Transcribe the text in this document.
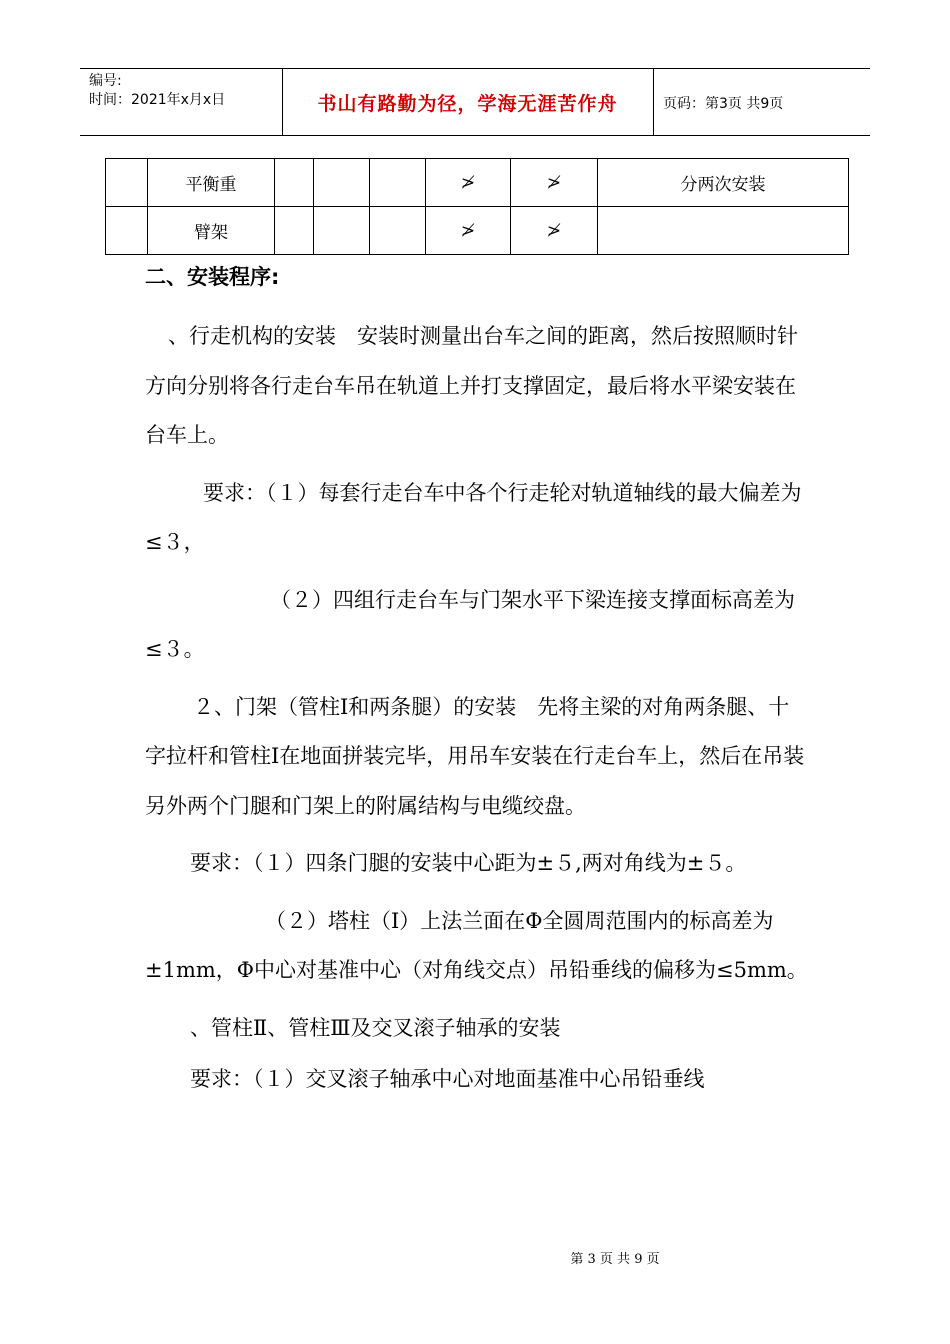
编号:
时间：2021年x月x日	书山有路勤为径，学海无涯苦作舟	页码：第3页 共9页
	平衡重				≯	≯	分两次安装
	臂架				≯	≯	
二、安装程序:

、行走机构的安装　安装时测量出台车之间的距离，然后按照顺时针方向分别将各行走台车吊在轨道上并打支撑固定，最后将水平梁安装在台车上。

要求：（１）每套行走台车中各个行走轮对轨道轴线的最大偏差为≤３，

（２）四组行走台车与门架水平下梁连接支撑面标高差为≤３。

２、门架（管柱Ⅰ和两条腿）的安装　先将主梁的对角两条腿、十字拉杆和管柱Ⅰ在地面拼装完毕，用吊车安装在行走台车上，然后在吊装另外两个门腿和门架上的附属结构与电缆绞盘。

要求：（１）四条门腿的安装中心距为±５,两对角线为±５。

（２）塔柱（Ⅰ）上法兰面在Φ全圆周范围内的标高差为±1mm，Φ中心对基准中心（对角线交点）吊铅垂线的偏移为≤5mm。

、管柱Ⅱ、管柱Ⅲ及交叉滚子轴承的安装

要求：（１）交叉滚子轴承中心对地面基准中心吊铅垂线

第 3 页 共 9 页
